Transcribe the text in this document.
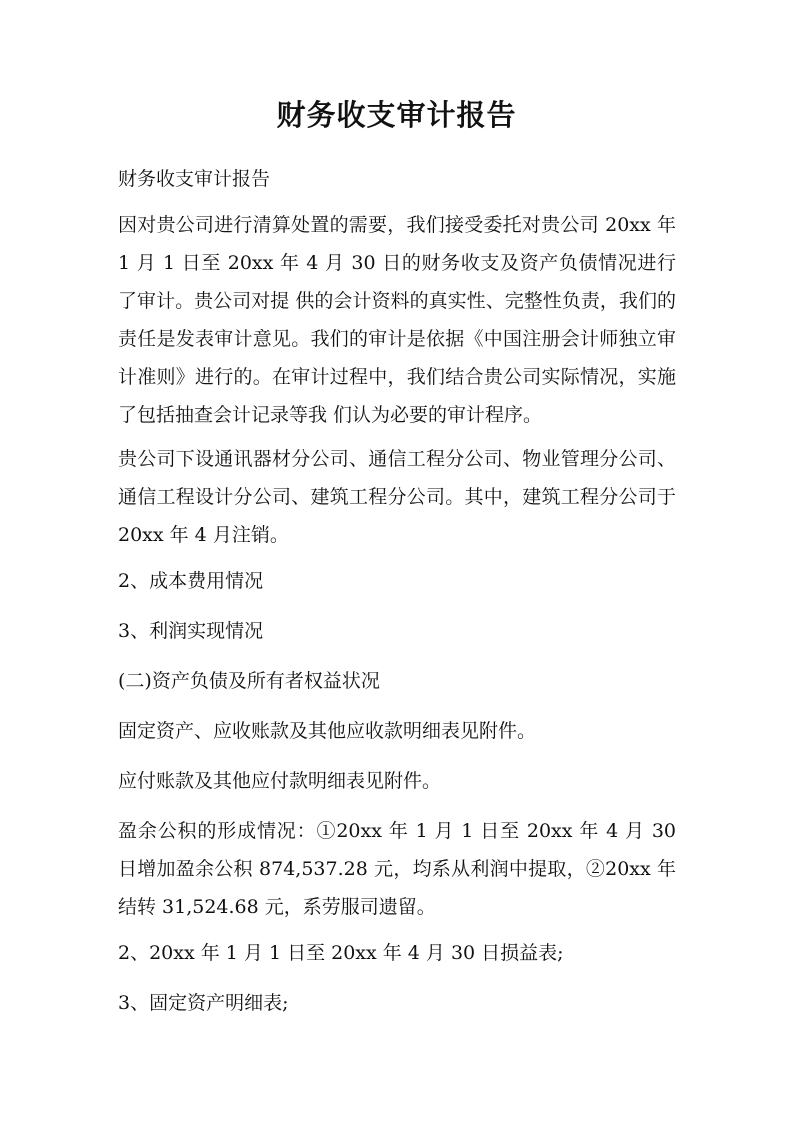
财务收支审计报告

财务收支审计报告

因对贵公司进行清算处置的需要，我们接受委托对贵公司 20xx 年 1 月 1 日至 20xx 年 4 月 30 日的财务收支及资产负债情况进行了审计。贵公司对提 供的会计资料的真实性、完整性负责，我们的责任是发表审计意见。我们的审计是依据《中国注册会计师独立审计准则》进行的。在审计过程中，我们结合贵公司实际情况，实施了包括抽查会计记录等我 们认为必要的审计程序。

贵公司下设通讯器材分公司、通信工程分公司、物业管理分公司、通信工程设计分公司、建筑工程分公司。其中，建筑工程分公司于 20xx 年 4 月注销。

2、成本费用情况

3、利润实现情况

(二)资产负债及所有者权益状况

固定资产、应收账款及其他应收款明细表见附件。

应付账款及其他应付款明细表见附件。

盈余公积的形成情况：①20xx 年 1 月 1 日至 20xx 年 4 月 30 日增加盈余公积 874,537.28 元，均系从利润中提取，②20xx 年结转 31,524.68 元，系劳服司遗留。

2、20xx 年 1 月 1 日至 20xx 年 4 月 30 日损益表;

3、固定资产明细表;
